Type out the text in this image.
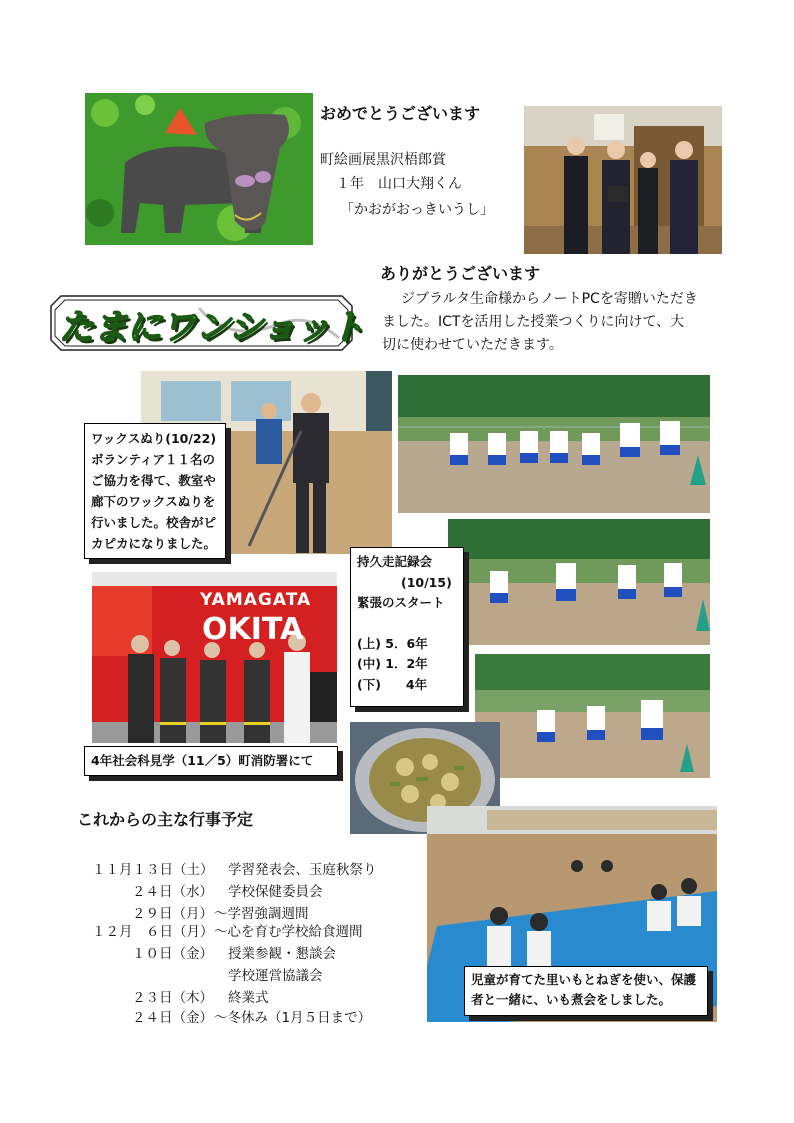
おめでとうございます
町絵画展黒沢梧郎賞
１年　山口大翔くん
「かおがおっきいうし」
ありがとうございます
ジブラルタ生命様からノートPCを寄贈いただき
ました。ICTを活用した授業つくりに向けて、大
切に使わせていただきます。
たまにワンショット
YAMAGATA
OKITA
ワックスぬり(10/22)
ボランティア１１名の
ご協力を得て、教室や
廊下のワックスぬりを
行いました。校舎がピ
カピカになりました。
持久走記録会
(10/15)
緊張のスタート
(上) 5．6年
(中) 1．2年
(下)　　4年
4年社会科見学（11／5）町消防署にて
児童が育てた里いもとねぎを使い、保護
者と一緒に、いも煮会をしました。
これからの主な行事予定
１１月１３日（土） 学習発表会、玉庭秋祭り
２４日（水） 学校保健委員会
２９日（月） ～学習強調週間
１２月　６日（月） ～心を育む学校給食週間
１０日（金） 授業参観・懇談会
学校運営協議会
２３日（木） 終業式
２４日（金） ～冬休み（1月５日まで）
